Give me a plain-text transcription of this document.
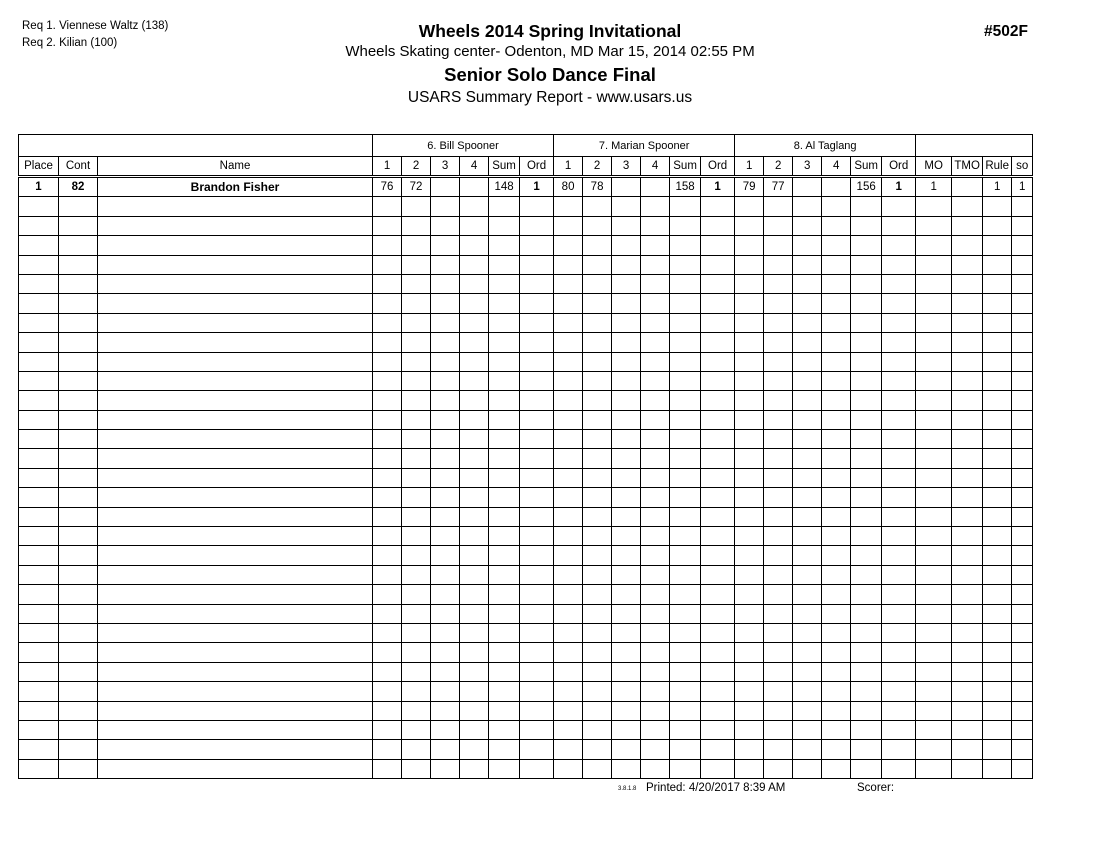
Req 1. Viennese Waltz (138)
Req 2. Kilian (100)
Wheels 2014 Spring Invitational
Wheels Skating center- Odenton, MD Mar 15, 2014 02:55 PM
Senior Solo Dance Final
USARS Summary Report - www.usars.us
#502F
			6. Bill Spooner						7. Marian Spooner						8. Al Taglang									
Place	Cont	Name	1	2	3	4	Sum	Ord	1	2	3	4	Sum	Ord	1	2	3	4	Sum	Ord	MO	TMO	Rule	so
1	82	Brandon Fisher	76	72			148	1	80	78			158	1	79	77			156	1	1		1	1

3.8.1.8 Printed: 4/20/2017 8:39 AM	Scorer:
